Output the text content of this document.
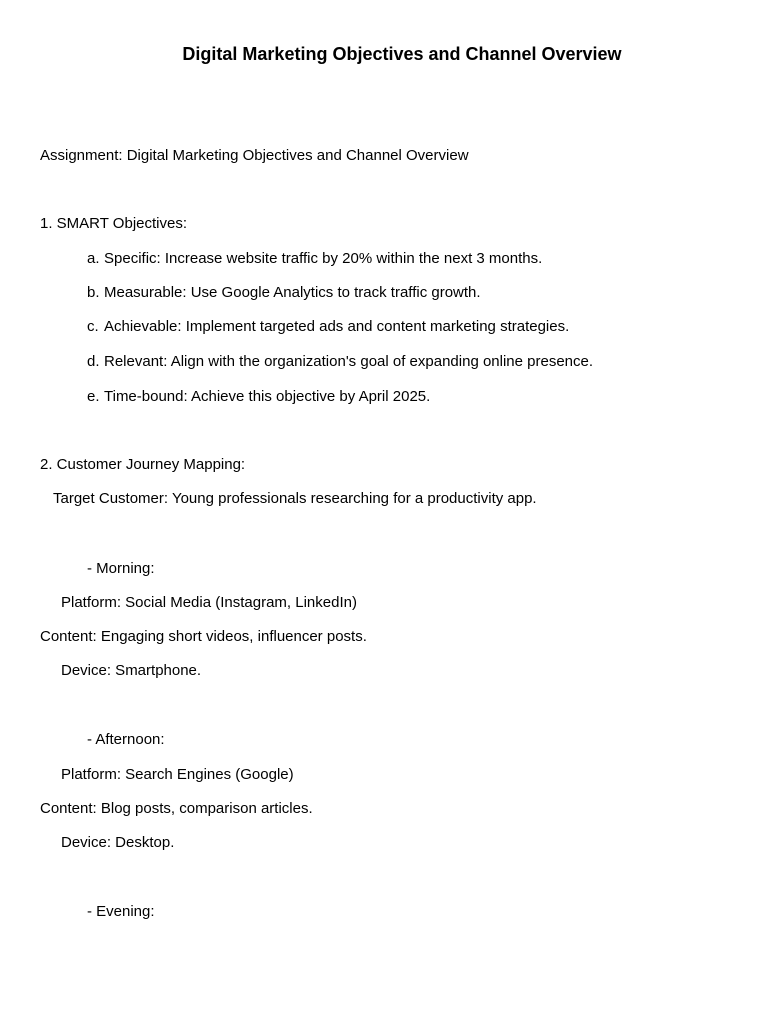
Digital Marketing Objectives and Channel Overview
Assignment: Digital Marketing Objectives and Channel Overview
1. SMART Objectives:
a. Specific: Increase website traffic by 20% within the next 3 months.
b. Measurable: Use Google Analytics to track traffic growth.
c. Achievable: Implement targeted ads and content marketing strategies.
d. Relevant: Align with the organization's goal of expanding online presence.
e. Time-bound: Achieve this objective by April 2025.
2. Customer Journey Mapping:
Target Customer: Young professionals researching for a productivity app.
- Morning:
Platform: Social Media (Instagram, LinkedIn)
Content: Engaging short videos, influencer posts.
Device: Smartphone.
- Afternoon:
Platform: Search Engines (Google)
Content: Blog posts, comparison articles.
Device: Desktop.
- Evening:
